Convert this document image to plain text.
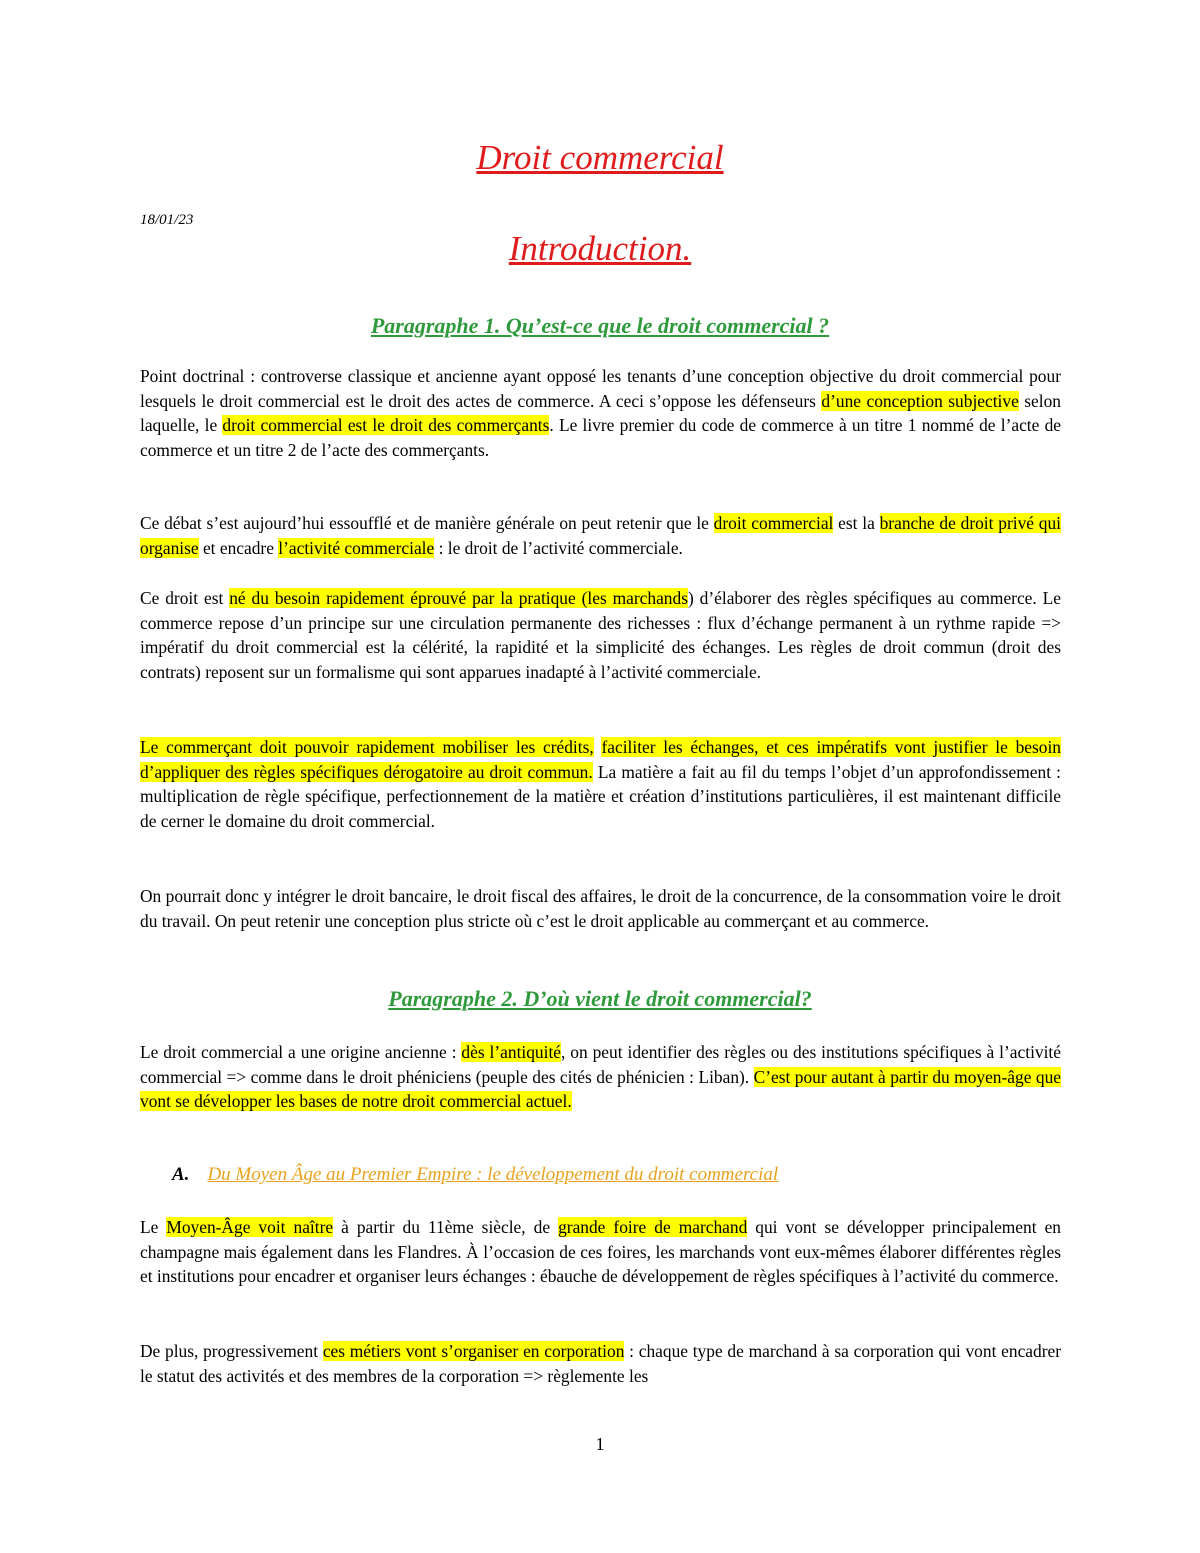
Droit commercial
18/01/23
Introduction.
Paragraphe 1. Qu’est-ce que le droit commercial ?

Point doctrinal : controverse classique et ancienne ayant opposé les tenants d’une conception objective du droit commercial pour lesquels le droit commercial est le droit des actes de commerce. A ceci s’oppose les défenseurs d’une conception subjective selon laquelle, le droit commercial est le droit des commerçants. Le livre premier du code de commerce à un titre 1 nommé de l’acte de commerce et un titre 2 de l’acte des commerçants.

Ce débat s’est aujourd’hui essoufflé et de manière générale on peut retenir que le droit commercial est la branche de droit privé qui organise et encadre l’activité commerciale : le droit de l’activité commerciale.

Ce droit est né du besoin rapidement éprouvé par la pratique (les marchands) d’élaborer des règles spécifiques au commerce. Le commerce repose d’un principe sur une circulation permanente des richesses : flux d’échange permanent à un rythme rapide => impératif du droit commercial est la célérité, la rapidité et la simplicité des échanges. Les règles de droit commun (droit des contrats) reposent sur un formalisme qui sont apparues inadapté à l’activité commerciale.

Le commerçant doit pouvoir rapidement mobiliser les crédits, faciliter les échanges, et ces impératifs vont justifier le besoin d’appliquer des règles spécifiques dérogatoire au droit commun. La matière a fait au fil du temps l’objet d’un approfondissement : multiplication de règle spécifique, perfectionnement de la matière et création d’institutions particulières, il est maintenant difficile de cerner le domaine du droit commercial.

On pourrait donc y intégrer le droit bancaire, le droit fiscal des affaires, le droit de la concurrence, de la consommation voire le droit du travail. On peut retenir une conception plus stricte où c’est le droit applicable au commerçant et au commerce.

Paragraphe 2. D’où vient le droit commercial?

Le droit commercial a une origine ancienne : dès l’antiquité, on peut identifier des règles ou des institutions spécifiques à l’activité commercial => comme dans le droit phéniciens (peuple des cités de phénicien : Liban). C’est pour autant à partir du moyen-âge que vont se développer les bases de notre droit commercial actuel.

A. Du Moyen Âge au Premier Empire : le développement du droit commercial

Le Moyen-Âge voit naître à partir du 11ème siècle, de grande foire de marchand qui vont se développer principalement en champagne mais également dans les Flandres. À l’occasion de ces foires, les marchands vont eux-mêmes élaborer différentes règles et institutions pour encadrer et organiser leurs échanges : ébauche de développement de règles spécifiques à l’activité du commerce.

De plus, progressivement ces métiers vont s’organiser en corporation : chaque type de marchand à sa corporation qui vont encadrer le statut des activités et des membres de la corporation => règlemente les

1
